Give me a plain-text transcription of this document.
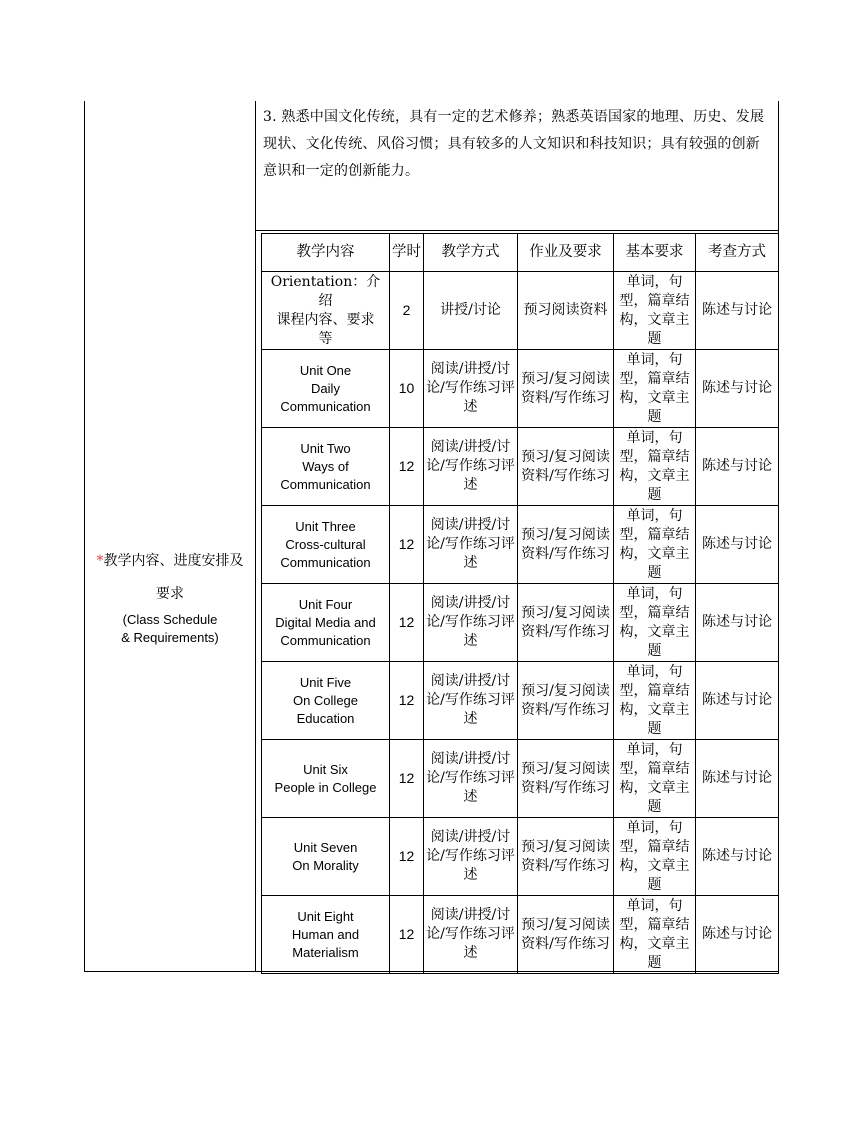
*教学内容、进度安排及
要求
(Class Schedule
& Requirements)
3. 熟悉中国文化传统，具有一定的艺术修养；熟悉英语国家的地理、历史、发展现状、文化传统、风俗习惯；具有较多的人文知识和科技知识；具有较强的创新意识和一定的创新能力。
教学内容	学时	教学方式	作业及要求	基本要求	考查方式

Orientation：介绍
课程内容、要求
等	2	讲授/讨论	预习阅读资料	单词，句型，篇章结构，文章主题	陈述与讨论

Unit One
Daily
Communication	10	阅读/讲授/讨论/写作练习评述	预习/复习阅读资料/写作练习	单词，句型，篇章结构，文章主题	陈述与讨论

Unit Two
Ways of
Communication	12	阅读/讲授/讨论/写作练习评述	预习/复习阅读资料/写作练习	单词，句型，篇章结构，文章主题	陈述与讨论

Unit Three
Cross-cultural
Communication	12	阅读/讲授/讨论/写作练习评述	预习/复习阅读资料/写作练习	单词，句型，篇章结构，文章主题	陈述与讨论

Unit Four
Digital Media and
Communication	12	阅读/讲授/讨论/写作练习评述	预习/复习阅读资料/写作练习	单词，句型，篇章结构，文章主题	陈述与讨论

Unit Five
On College
Education	12	阅读/讲授/讨论/写作练习评述	预习/复习阅读资料/写作练习	单词，句型，篇章结构，文章主题	陈述与讨论

Unit Six
People in College	12	阅读/讲授/讨论/写作练习评述	预习/复习阅读资料/写作练习	单词，句型，篇章结构，文章主题	陈述与讨论

Unit Seven
On Morality	12	阅读/讲授/讨论/写作练习评述	预习/复习阅读资料/写作练习	单词，句型，篇章结构，文章主题	陈述与讨论

Unit Eight
Human and
Materialism	12	阅读/讲授/讨论/写作练习评述	预习/复习阅读资料/写作练习	单词，句型，篇章结构，文章主题	陈述与讨论
